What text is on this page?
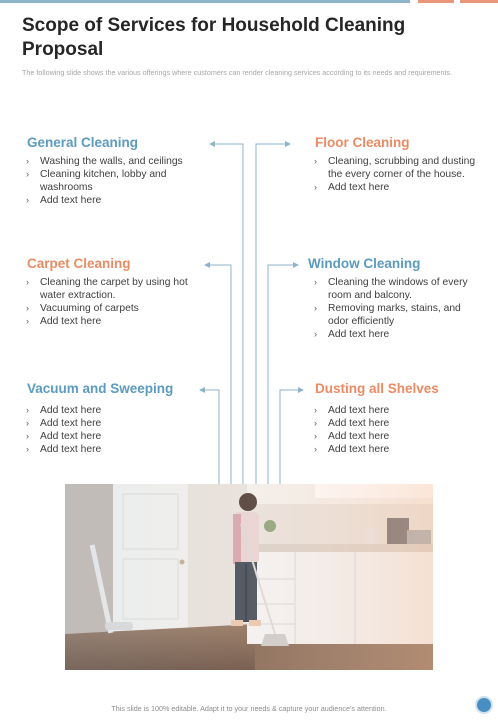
Scope of Services for Household Cleaning Proposal
The following slide shows the various offerings where customers can render cleaning services according to its needs and requirements.
General Cleaning
› Washing the walls, and ceilings
› Cleaning kitchen, lobby and washrooms
› Add text here
Floor Cleaning
› Cleaning, scrubbing and dusting the every corner of the house.
› Add text here
Carpet Cleaning
› Cleaning the carpet by using hot water extraction.
› Vacuuming of carpets
› Add text here
Window Cleaning
› Cleaning the windows of every room and balcony.
› Removing marks, stains, and odor efficiently
› Add text here
Vacuum and Sweeping
› Add text here
› Add text here
› Add text here
› Add text here
Dusting all Shelves
› Add text here
› Add text here
› Add text here
› Add text here
This slide is 100% editable. Adapt it to your needs & capture your audience’s attention.
